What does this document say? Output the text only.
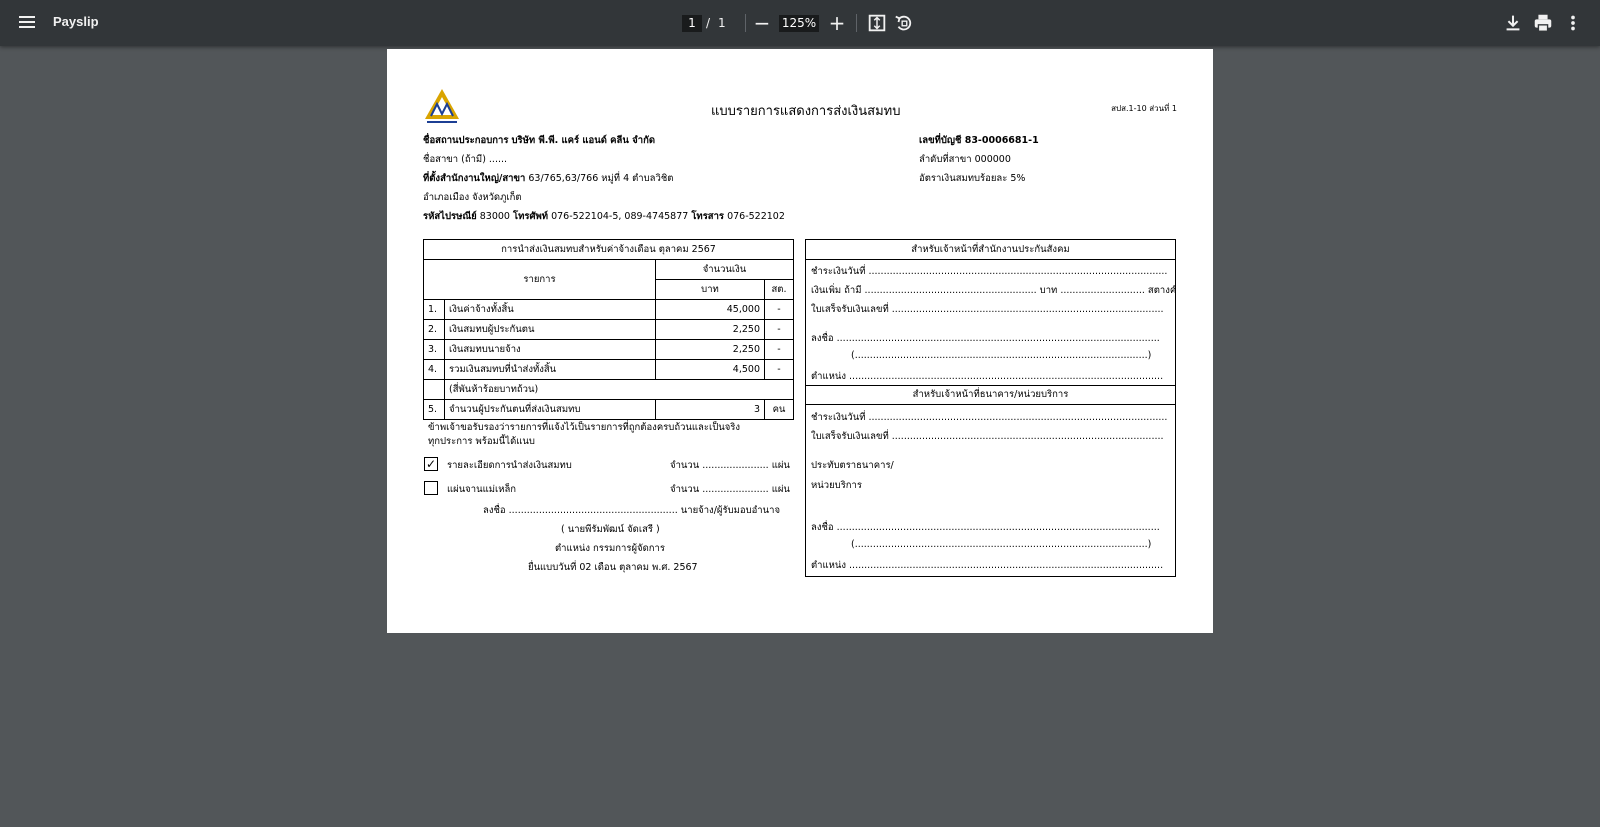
Payslip	1 / 1 − 125% +
แบบรายการแสดงการส่งเงินสมทบ	สปส.1-10 ส่วนที่ 1
ชื่อสถานประกอบการ บริษัท พี.พี. แคร์ แอนด์ คลีน จำกัด
ชื่อสาขา (ถ้ามี) ......
ที่ตั้งสำนักงานใหญ่/สาขา 63/765,63/766 หมู่ที่ 4 ตำบลวิชิต
อำเภอเมือง จังหวัดภูเก็ต
รหัสไปรษณีย์ 83000 โทรศัพท์ 076-522104-5, 089-4745877 โทรสาร 076-522102
เลขที่บัญชี 83-0006681-1
ลำดับที่สาขา 000000
อัตราเงินสมทบร้อยละ 5%
การนำส่งเงินสมทบสำหรับค่าจ้างเดือน ตุลาคม 2567			
รายการ		จำนวนเงิน	
		บาท	สต.
1.	เงินค่าจ้างทั้งสิ้น	45,000	-
2.	เงินสมทบผู้ประกันตน	2,250	-
3.	เงินสมทบนายจ้าง	2,250	-
4.	รวมเงินสมทบที่นำส่งทั้งสิ้น	4,500	-
	(สี่พันห้าร้อยบาทถ้วน)		
5.	จำนวนผู้ประกันตนที่ส่งเงินสมทบ	3	คน
ข้าพเจ้าขอรับรองว่ารายการที่แจ้งไว้เป็นรายการที่ถูกต้องครบถ้วนและเป็นจริง
ทุกประการ พร้อมนี้ได้แนบ
✓ รายละเอียดการนำส่งเงินสมทบ	จำนวน ...................... แผ่น
แผ่นจานแม่เหล็ก	จำนวน ...................... แผ่น
ลงชื่อ ........................................................ นายจ้าง/ผู้รับมอบอำนาจ
( นายพีรัมพัฒน์ จัดเสรี )
ตำแหน่ง กรรมการผู้จัดการ
ยื่นแบบวันที่ 02 เดือน ตุลาคม พ.ศ. 2567
สำหรับเจ้าหน้าที่สำนักงานประกันสังคม
ชำระเงินวันที่ ...................................................................................................
เงินเพิ่ม ถ้ามี ......................................................... บาท ............................ สตางค์
ใบเสร็จรับเงินเลขที่ ..........................................................................................
ลงชื่อ ...........................................................................................................
(.................................................................................................)
ตำแหน่ง ........................................................................................................
สำหรับเจ้าหน้าที่ธนาคาร/หน่วยบริการ
ชำระเงินวันที่ ...................................................................................................
ใบเสร็จรับเงินเลขที่ ..........................................................................................
ประทับตราธนาคาร/
หน่วยบริการ
ลงชื่อ ...........................................................................................................
(.................................................................................................)
ตำแหน่ง ........................................................................................................
